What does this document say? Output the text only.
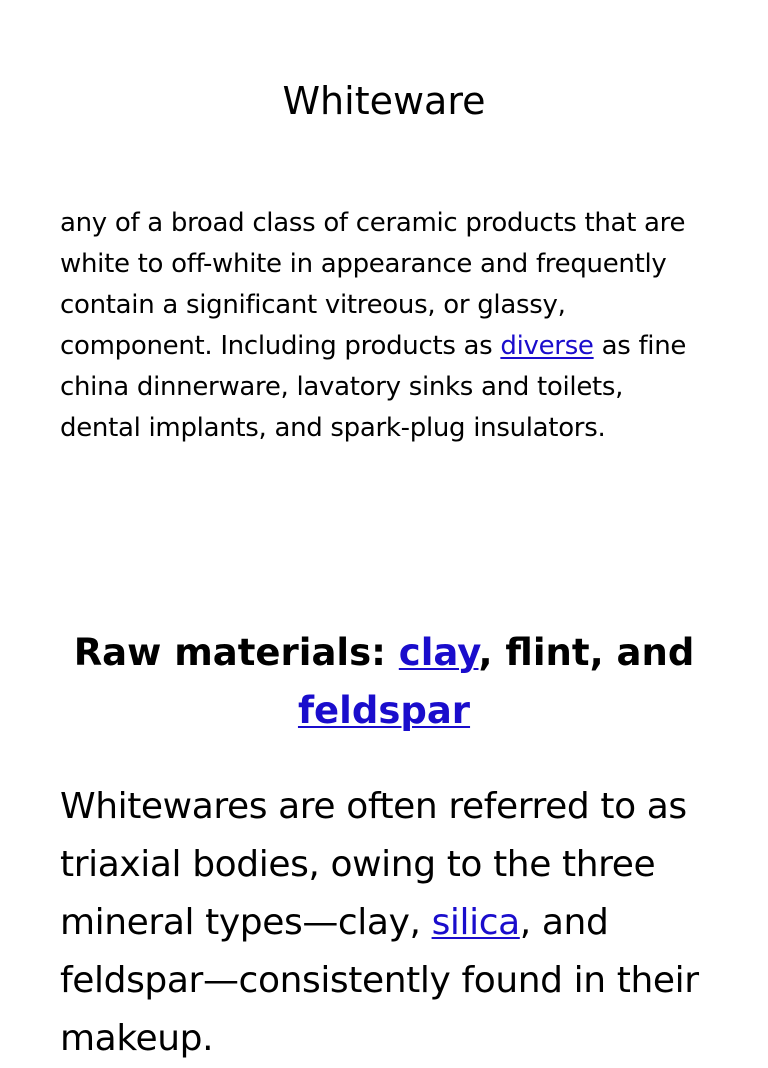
Whiteware

any of a broad class of ceramic products that are white to off-white in appearance and frequently contain a significant vitreous, or glassy, component. Including products as diverse as fine china dinnerware, lavatory sinks and toilets, dental implants, and spark-plug insulators.

Raw materials: clay, flint, and
feldspar

Whitewares are often referred to as triaxial bodies, owing to the three mineral types—clay, silica, and feldspar—consistently found in their makeup.
